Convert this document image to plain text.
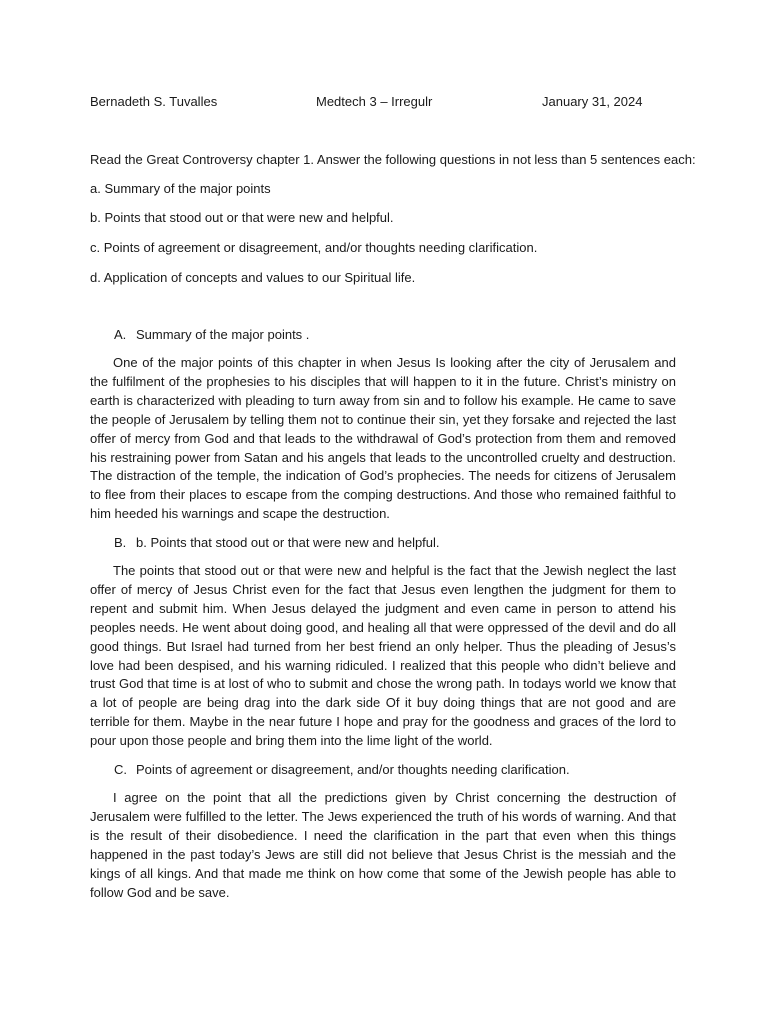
Bernadeth S. Tuvalles	Medtech 3 – Irregulr	January 31, 2024
Read the Great Controversy chapter 1. Answer the following questions in not less than 5 sentences each:
a. Summary of the major points
b. Points that stood out or that were new and helpful.
c. Points of agreement or disagreement, and/or thoughts needing clarification.
d. Application of concepts and values to our Spiritual life.
A. Summary of the major points .

One of the major points of this chapter in when Jesus Is looking after the city of Jerusalem and the fulfilment of the prophesies to his disciples that will happen to it in the future. Christ’s ministry on earth is characterized with pleading to turn away from sin and to follow his example. He came to save the people of Jerusalem by telling them not to continue their sin, yet they forsake and rejected the last offer of mercy from God and that leads to the withdrawal of God’s protection from them and removed his restraining power from Satan and his angels that leads to the uncontrolled cruelty and destruction. The distraction of the temple, the indication of God’s prophecies. The needs for citizens of Jerusalem to flee from their places to escape from the comping destructions. And those who remained faithful to him heeded his warnings and scape the destruction.

B. b. Points that stood out or that were new and helpful.

The points that stood out or that were new and helpful is the fact that the Jewish neglect the last offer of mercy of Jesus Christ even for the fact that Jesus even lengthen the judgment for them to repent and submit him. When Jesus delayed the judgment and even came in person to attend his peoples needs. He went about doing good, and healing all that were oppressed of the devil and do all good things. But Israel had turned from her best friend an only helper. Thus the pleading of Jesus’s love had been despised, and his warning ridiculed. I realized that this people who didn’t believe and trust God that time is at lost of who to submit and chose the wrong path. In todays world we know that a lot of people are being drag into the dark side Of it buy doing things that are not good and are terrible for them. Maybe in the near future I hope and pray for the goodness and graces of the lord to pour upon those people and bring them into the lime light of the world.

C. Points of agreement or disagreement, and/or thoughts needing clarification.

I agree on the point that all the predictions given by Christ concerning the destruction of Jerusalem were fulfilled to the letter. The Jews experienced the truth of his words of warning. And that is the result of their disobedience. I need the clarification in the part that even when this things happened in the past today’s Jews are still did not believe that Jesus Christ is the messiah and the kings of all kings. And that made me think on how come that some of the Jewish people has able to follow God and be save.
